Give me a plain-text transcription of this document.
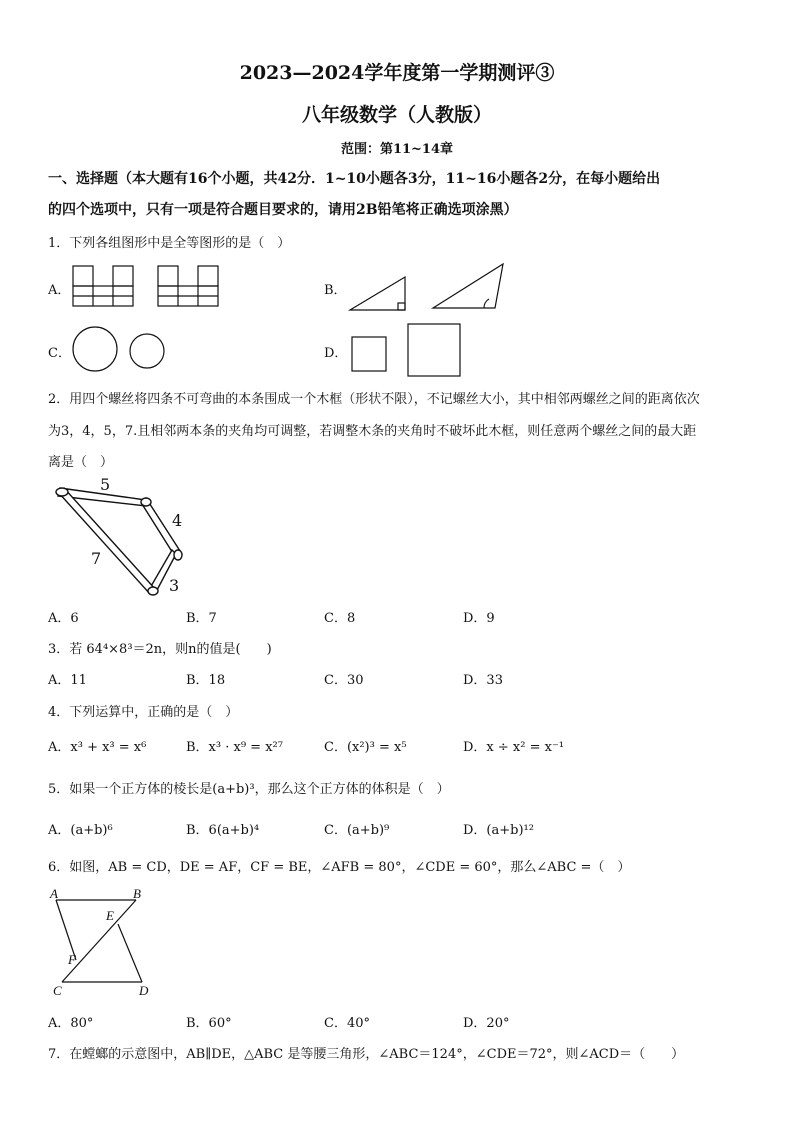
2023—2024学年度第一学期测评③
八年级数学（人教版）
范围：第11~14章
一、选择题（本大题有16个小题，共42分．1~10小题各3分，11~16小题各2分，在每小题给出
的四个选项中，只有一项是符合题目要求的，请用2B铅笔将正确选项涂黑）
1．下列各组图形中是全等图形的是（　）
A．	B．
C．	D．
2．用四个螺丝将四条不可弯曲的本条围成一个木框（形状不限），不记螺丝大小，其中相邻两螺丝之间的距离依次
为3，4，5，7.且相邻两本条的夹角均可调整，若调整木条的夹角时不破坏此木框，则任意两个螺丝之间的最大距
离是（　）
5
4
7
3
A．6	B．7	C．8	D．9
3．若 64⁴×8³＝2n，则n的值是(　　)
A．11	B．18	C．30	D．33
4．下列运算中，正确的是（　）
A．x³ + x³ = x⁶	B．x³ · x⁹ = x²⁷	C．(x²)³ = x⁵	D．x ÷ x² = x⁻¹
5．如果一个正方体的棱长是(a+b)³，那么这个正方体的体积是（　）
A．(a+b)⁶	B．6(a+b)⁴	C．(a+b)⁹	D．(a+b)¹²
6．如图，AB = CD，DE = AF，CF = BE，∠AFB = 80°，∠CDE = 60°，那么∠ABC =（　）
A	B
E
F
C	D
A．80°	B．60°	C．40°	D．20°
7．在螳螂的示意图中，AB∥DE，△ABC 是等腰三角形，∠ABC＝124°，∠CDE＝72°，则∠ACD＝（　　）
